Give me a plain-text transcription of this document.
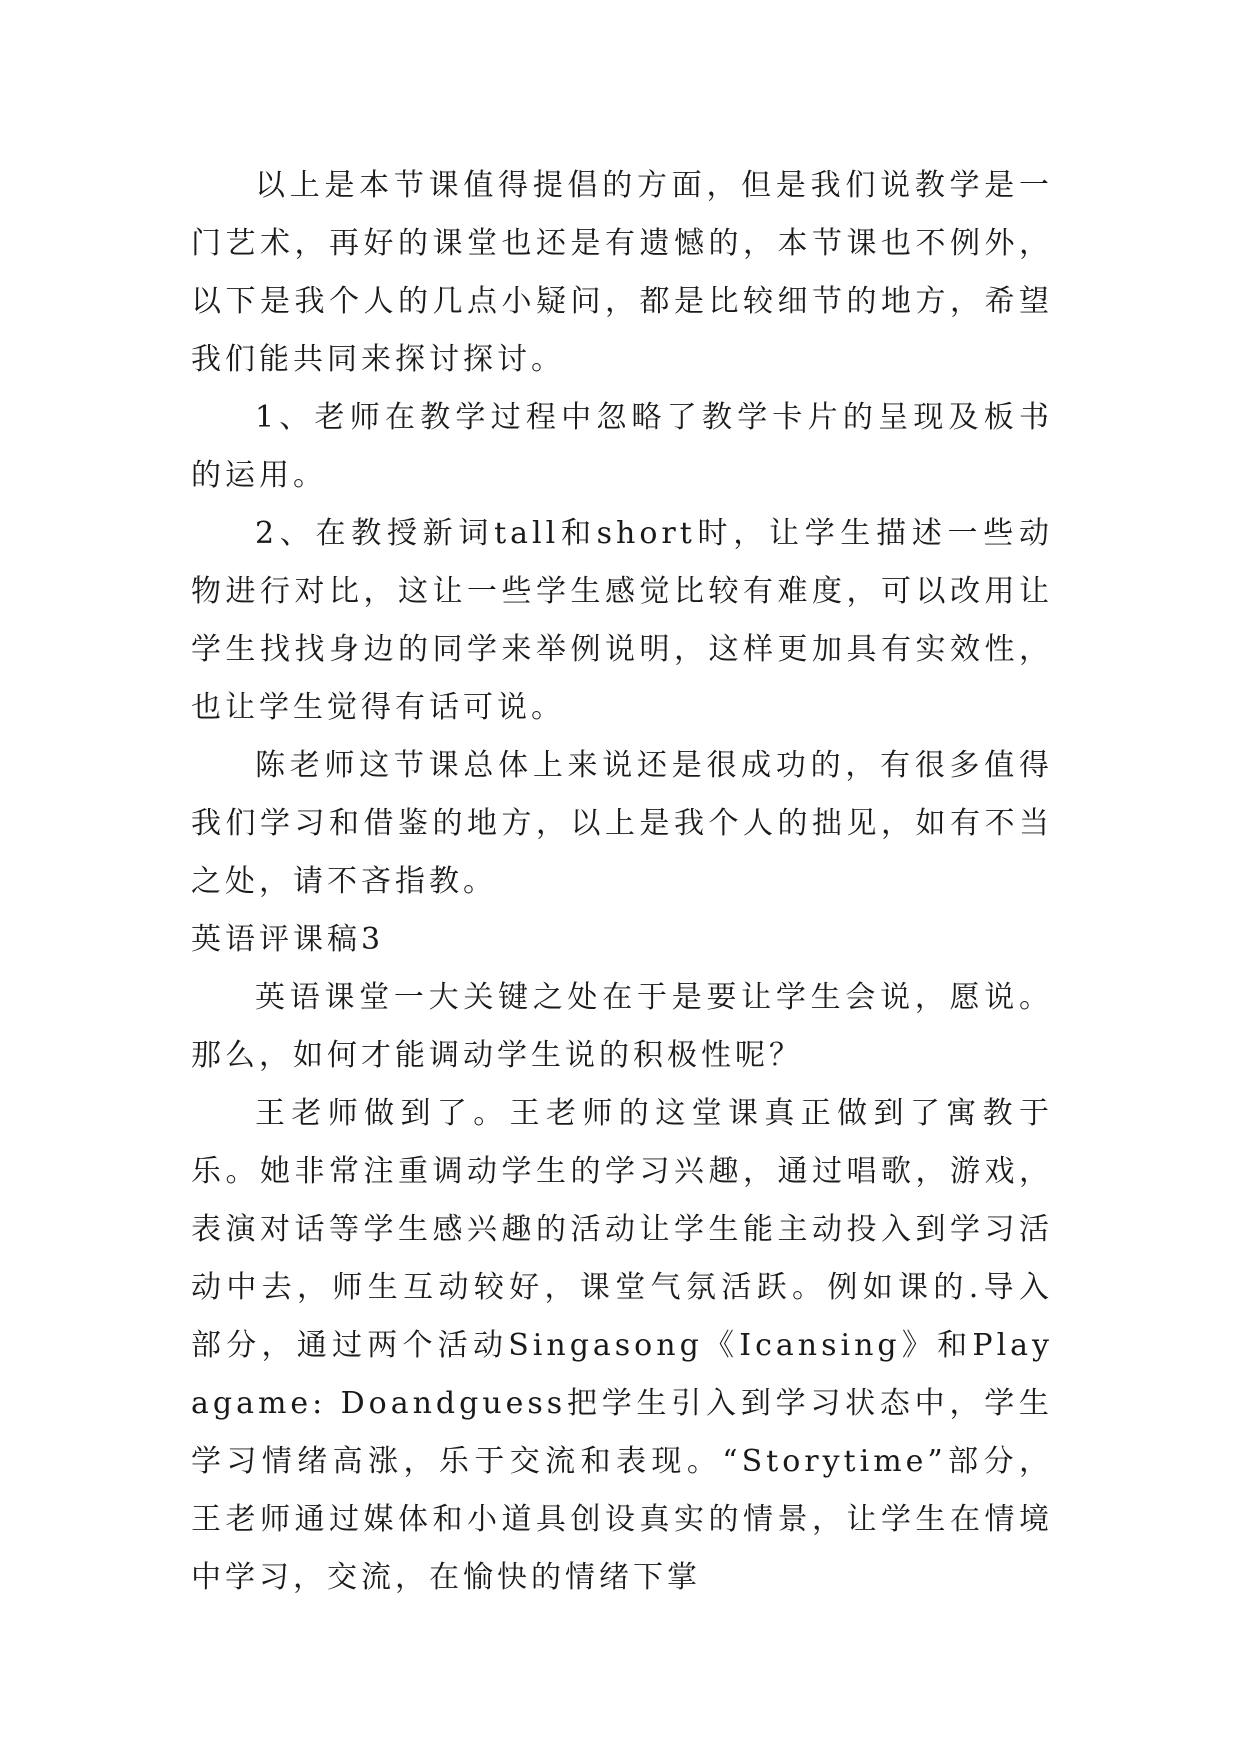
以上是本节课值得提倡的方面，但是我们说教学是一门艺术，再好的课堂也还是有遗憾的，本节课也不例外，以下是我个人的几点小疑问，都是比较细节的地方，希望我们能共同来探讨探讨。

1、老师在教学过程中忽略了教学卡片的呈现及板书的运用。

2、在教授新词tall和short时，让学生描述一些动物进行对比，这让一些学生感觉比较有难度，可以改用让学生找找身边的同学来举例说明，这样更加具有实效性，也让学生觉得有话可说。

陈老师这节课总体上来说还是很成功的，有很多值得我们学习和借鉴的地方，以上是我个人的拙见，如有不当之处，请不吝指教。

英语评课稿3

英语课堂一大关键之处在于是要让学生会说，愿说。那么，如何才能调动学生说的积极性呢？

王老师做到了。王老师的这堂课真正做到了寓教于乐。她非常注重调动学生的学习兴趣，通过唱歌，游戏，表演对话等学生感兴趣的活动让学生能主动投入到学习活动中去，师生互动较好，课堂气氛活跃。例如课的.导入部分，通过两个活动Singasong《Icansing》和Playagame: Doandguess把学生引入到学习状态中，学生学习情绪高涨，乐于交流和表现。“Storytime”部分，王老师通过媒体和小道具创设真实的情景，让学生在情境中学习，交流，在愉快的情绪下掌
